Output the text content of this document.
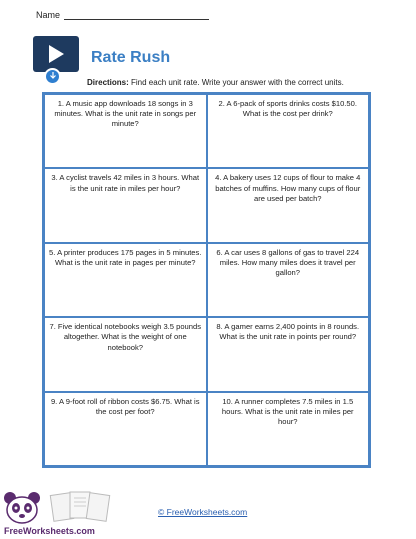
Name
Rate Rush
Directions: Find each unit rate. Write your answer with the correct units.
1. A music app downloads 18 songs in 3 minutes. What is the unit rate in songs per minute?
2. A 6-pack of sports drinks costs $10.50. What is the cost per drink?
3. A cyclist travels 42 miles in 3 hours. What is the unit rate in miles per hour?
4. A bakery uses 12 cups of flour to make 4 batches of muffins. How many cups of flour are used per batch?
5. A printer produces 175 pages in 5 minutes. What is the unit rate in pages per minute?
6. A car uses 8 gallons of gas to travel 224 miles. How many miles does it travel per gallon?
7. Five identical notebooks weigh 3.5 pounds altogether. What is the weight of one notebook?
8. A gamer earns 2,400 points in 8 rounds. What is the unit rate in points per round?
9. A 9-foot roll of ribbon costs $6.75. What is the cost per foot?
10. A runner completes 7.5 miles in 1.5 hours. What is the unit rate in miles per hour?
FreeWorksheets.com
© FreeWorksheets.com
